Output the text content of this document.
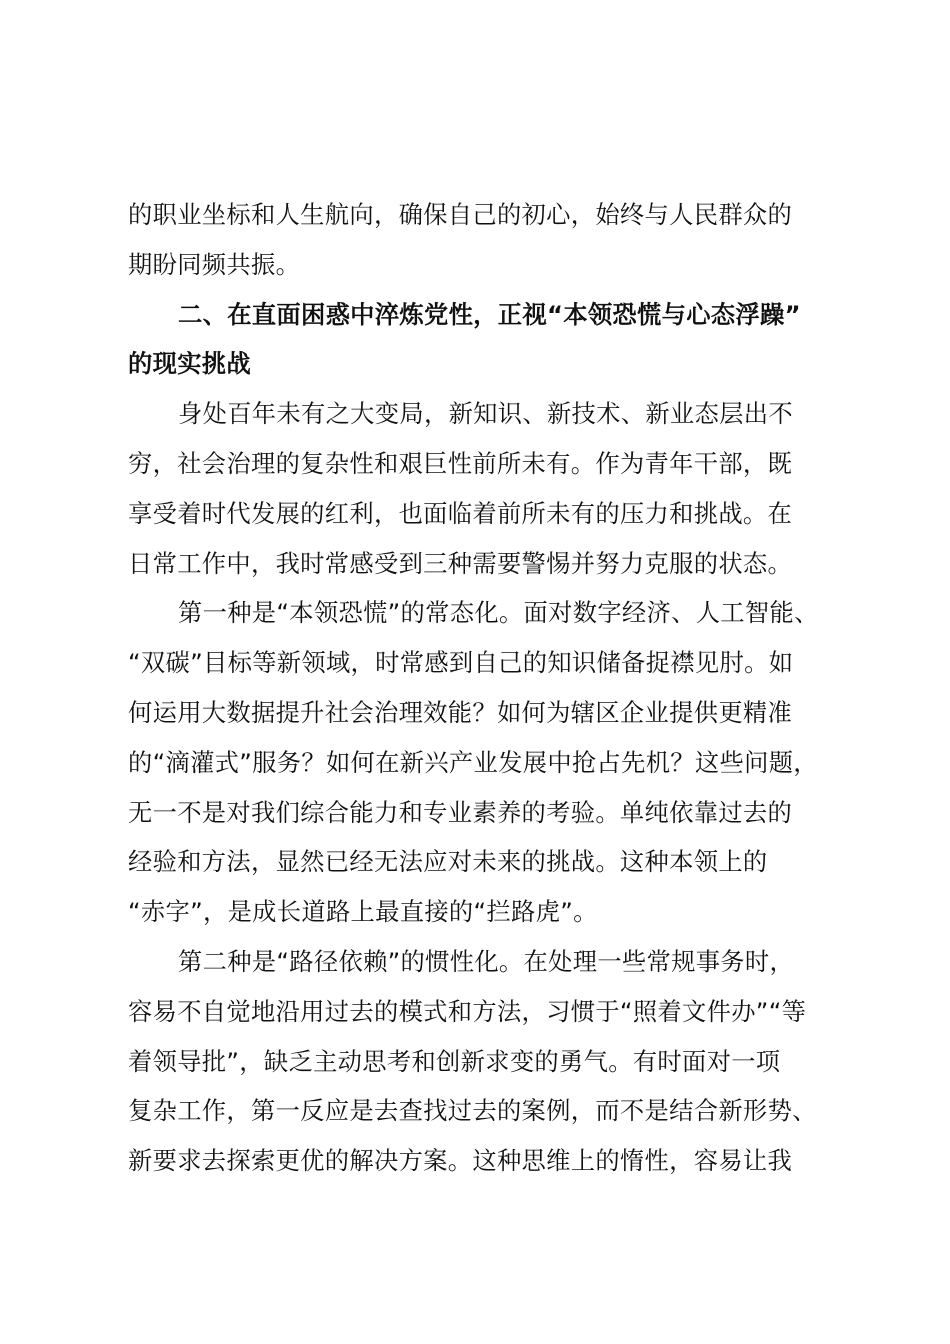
的职业坐标和人生航向，确保自己的初心，始终与人民群众的
期盼同频共振。
二、在直面困惑中淬炼党性，正视“本领恐慌与心态浮躁”
的现实挑战
身处百年未有之大变局，新知识、新技术、新业态层出不
穷，社会治理的复杂性和艰巨性前所未有。作为青年干部，既
享受着时代发展的红利，也面临着前所未有的压力和挑战。在
日常工作中，我时常感受到三种需要警惕并努力克服的状态。
第一种是“本领恐慌”的常态化。面对数字经济、人工智能、
“双碳”目标等新领域，时常感到自己的知识储备捉襟见肘。如
何运用大数据提升社会治理效能？如何为辖区企业提供更精准
的“滴灌式”服务？如何在新兴产业发展中抢占先机？这些问题，
无一不是对我们综合能力和专业素养的考验。单纯依靠过去的
经验和方法，显然已经无法应对未来的挑战。这种本领上的
“赤字”，是成长道路上最直接的“拦路虎”。
第二种是“路径依赖”的惯性化。在处理一些常规事务时，
容易不自觉地沿用过去的模式和方法，习惯于“照着文件办”“等
着领导批”，缺乏主动思考和创新求变的勇气。有时面对一项
复杂工作，第一反应是去查找过去的案例，而不是结合新形势、
新要求去探索更优的解决方案。这种思维上的惰性，容易让我
